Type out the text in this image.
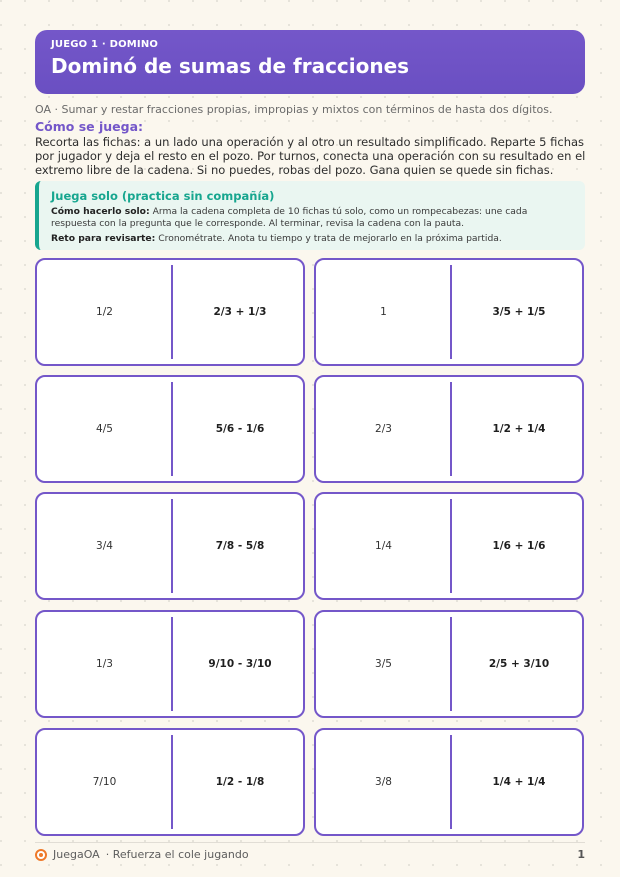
JUEGO 1 · DOMINO
Dominó de sumas de fracciones
OA · Sumar y restar fracciones propias, impropias y mixtos con términos de hasta dos dígitos.
Cómo se juega:
Recorta las fichas: a un lado una operación y al otro un resultado simplificado. Reparte 5 fichas por jugador y deja el resto en el pozo. Por turnos, conecta una operación con su resultado en el extremo libre de la cadena. Si no puedes, robas del pozo. Gana quien se quede sin fichas.
Juega solo (practica sin compañía)
Cómo hacerlo solo: Arma la cadena completa de 10 fichas tú solo, como un rompecabezas: une cada respuesta con la pregunta que le corresponde. Al terminar, revisa la cadena con la pauta.
Reto para revisarte: Cronométrate. Anota tu tiempo y trata de mejorarlo en la próxima partida.
1/2	2/3 + 1/3	1	3/5 + 1/5
4/5	5/6 - 1/6	2/3	1/2 + 1/4
3/4	7/8 - 5/8	1/4	1/6 + 1/6
1/3	9/10 - 3/10	3/5	2/5 + 3/10
7/10	1/2 - 1/8	3/8	1/4 + 1/4
JuegaOA · Refuerza el cole jugando	1
